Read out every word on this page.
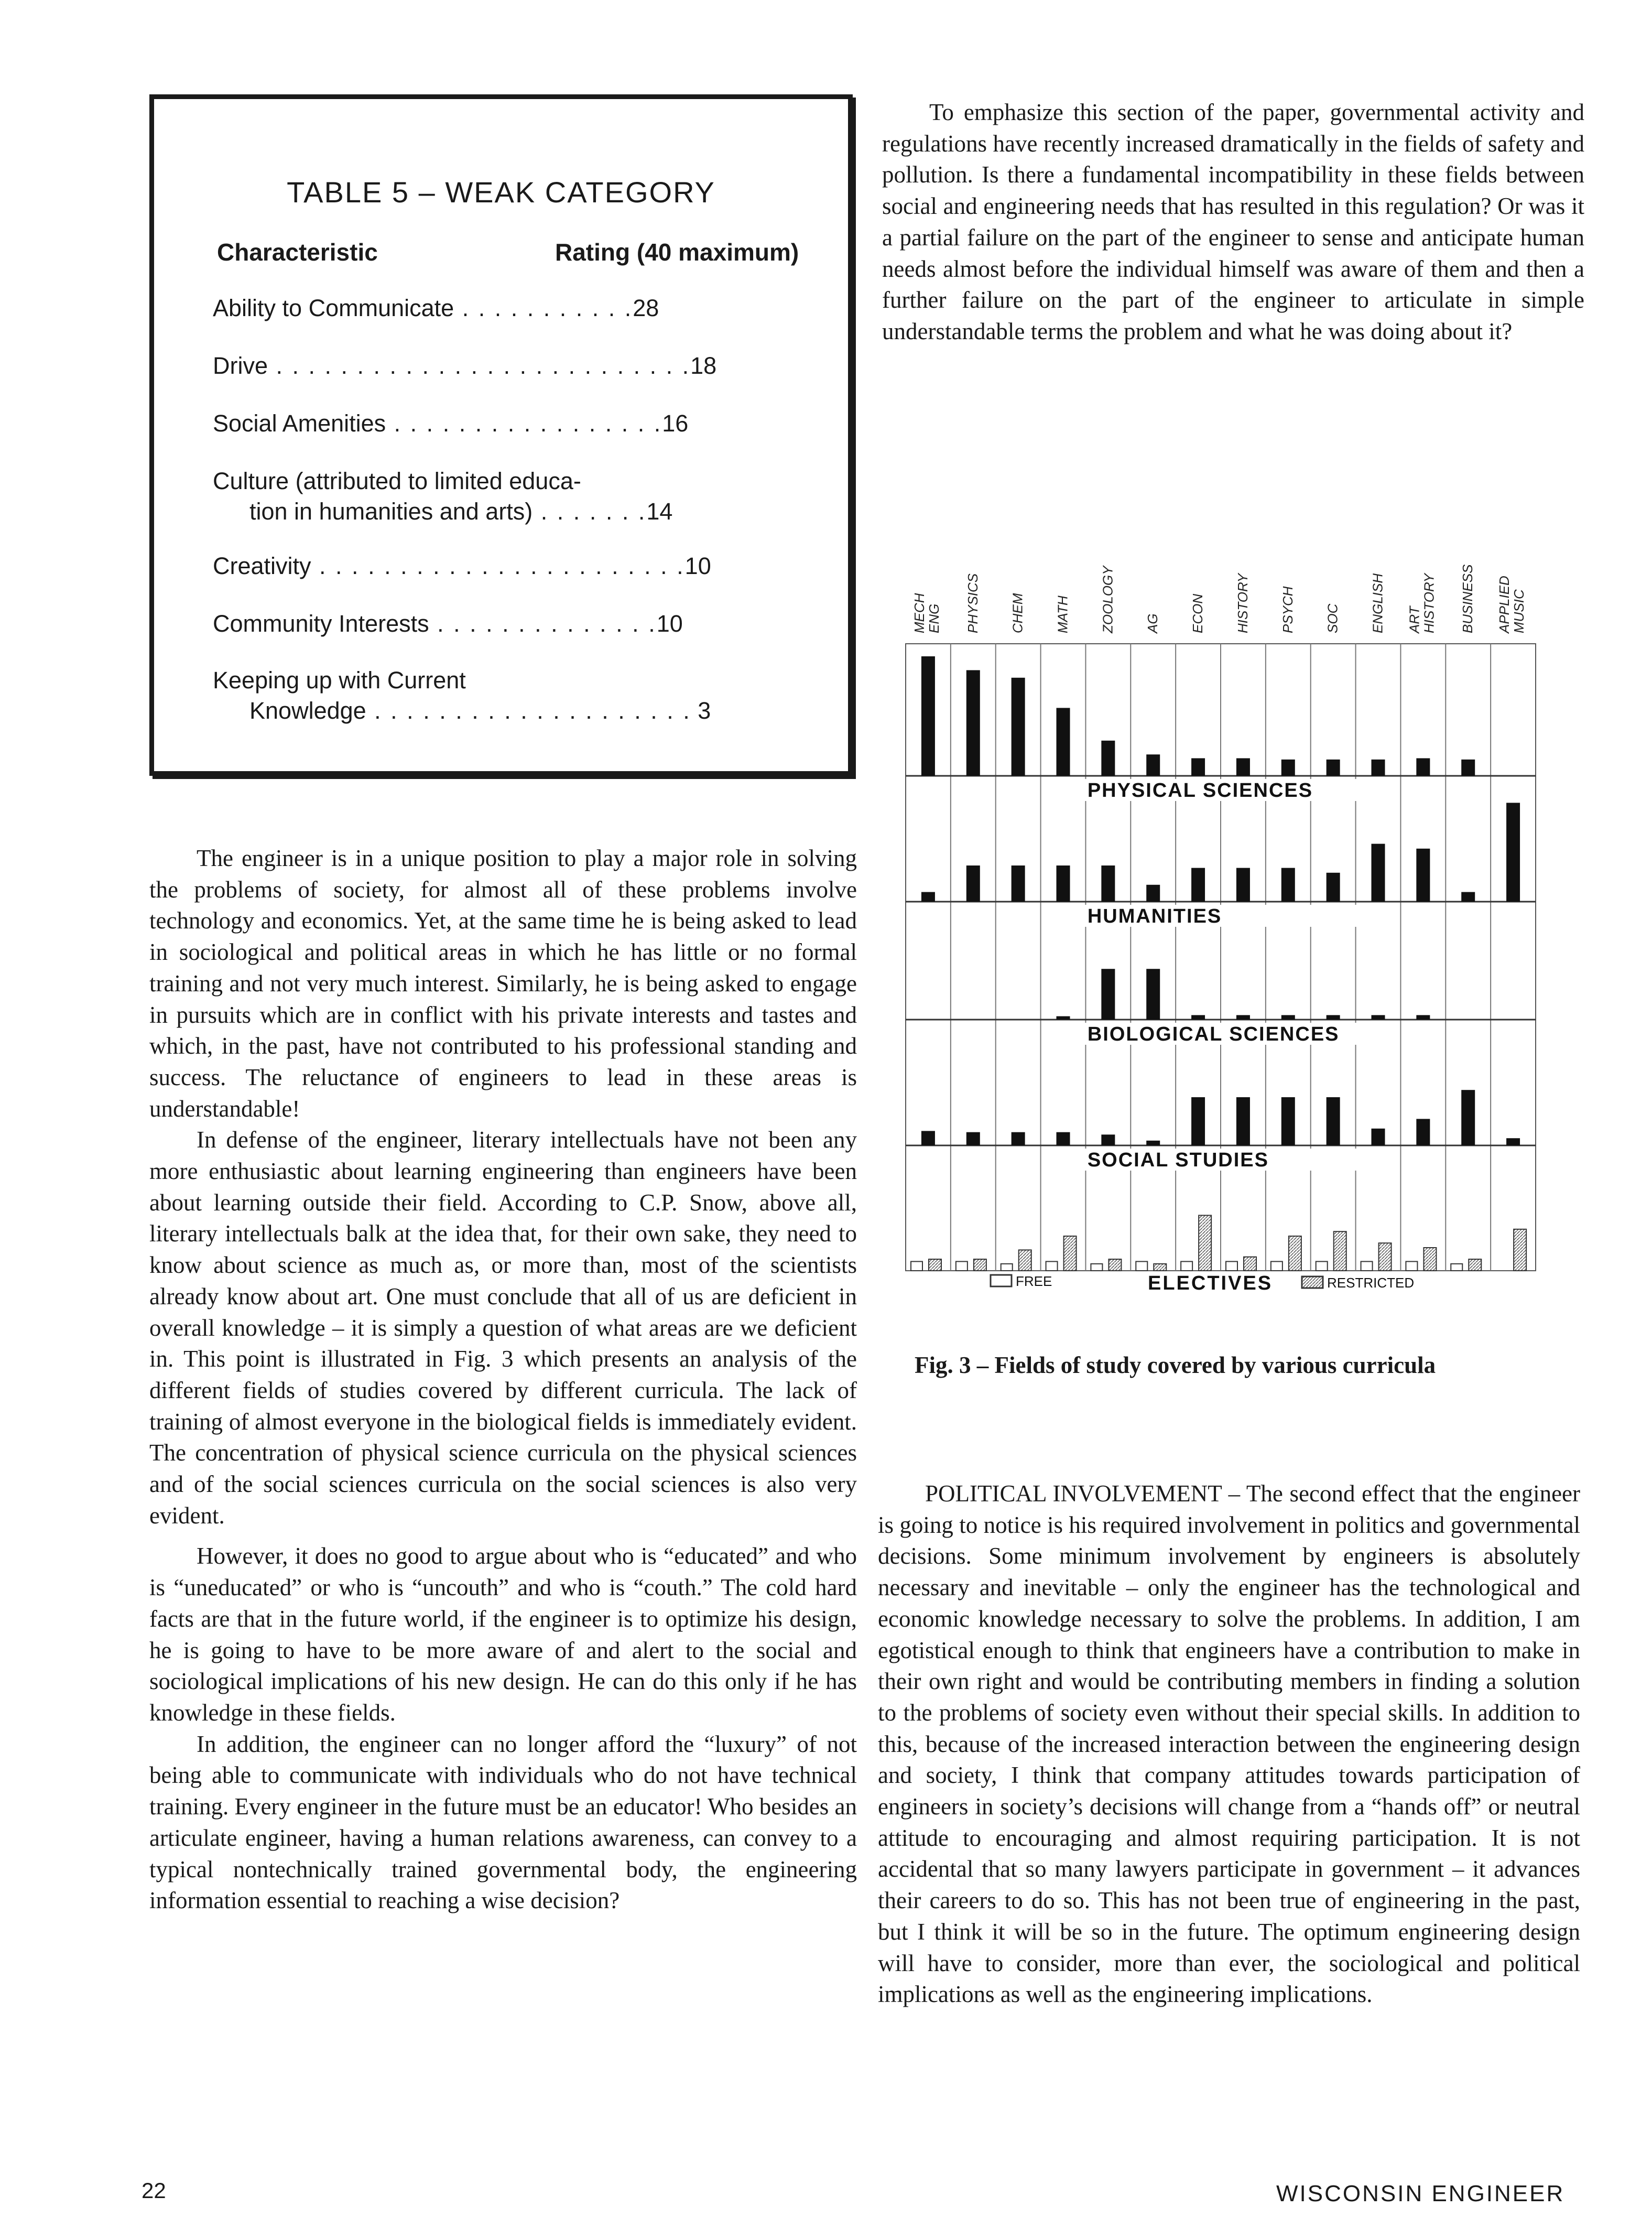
TABLE 5 – WEAK CATEGORY
Characteristic	Rating (40 maximum)
Ability to Communicate . . . . . . . . . . .28
Drive . . . . . . . . . . . . . . . . . . . . . . . . . .18
Social Amenities . . . . . . . . . . . . . . . . .16
Culture (attributed to limited educa-
tion in humanities and arts) . . . . . . .14
Creativity . . . . . . . . . . . . . . . . . . . . . . .10
Community Interests . . . . . . . . . . . . . .10
Keeping up with Current
Knowledge . . . . . . . . . . . . . . . . . . . . 3

To emphasize this section of the paper, governmental activity and regulations have recently increased dramatically in the fields of safety and pollution. Is there a fundamental incompatibility in these fields between social and engineering needs that has resulted in this regulation? Or was it a partial failure on the part of the engineer to sense and anticipate human needs almost before the individual himself was aware of them and then a further failure on the part of the engineer to articulate in simple understandable terms the problem and what he was doing about it?

The engineer is in a unique position to play a major role in solving the problems of society, for almost all of these problems involve technology and economics. Yet, at the same time he is being asked to lead in sociological and political areas in which he has little or no formal training and not very much interest. Similarly, he is being asked to engage in pursuits which are in conflict with his private interests and tastes and which, in the past, have not contributed to his professional standing and success. The reluctance of engineers to lead in these areas is understandable!

In defense of the engineer, literary intellectuals have not been any more enthusiastic about learning engineering than engineers have been about learning outside their field. According to C.P. Snow, above all, literary intellectuals balk at the idea that, for their own sake, they need to know about science as much as, or more than, most of the scientists already know about art. One must conclude that all of us are deficient in overall knowledge – it is simply a question of what areas are we deficient in. This point is illustrated in Fig. 3 which presents an analysis of the different fields of studies covered by different curricula. The lack of training of almost everyone in the biological fields is immediately evident. The concentration of physical science curricula on the physical sciences and of the social sciences curricula on the social sciences is also very evident.

However, it does no good to argue about who is “educated” and who is “uneducated” or who is “uncouth” and who is “couth.” The cold hard facts are that in the future world, if the engineer is to optimize his design, he is going to have to be more aware of and alert to the social and sociological implications of his new design. He can do this only if he has knowledge in these fields.

In addition, the engineer can no longer afford the “luxury” of not being able to communicate with individuals who do not have technical training. Every engineer in the future must be an educator! Who besides an articulate engineer, having a human relations awareness, can convey to a typical nontechnically trained governmental body, the engineering information essential to reaching a wise decision?

MECHENG PHYSICS CHEM MATH ZOOLOGY AG ECON HISTORY PSYCH SOC ENGLISH ARTHISTORY BUSINESS APPLIEDMUSIC
PHYSICAL SCIENCES
HUMANITIES
BIOLOGICAL SCIENCES
SOCIAL STUDIES
FREE	ELECTIVES	RESTRICTED
Fig. 3 – Fields of study covered by various curricula

POLITICAL INVOLVEMENT – The second effect that the engineer is going to notice is his required involvement in politics and governmental decisions. Some minimum involvement by engineers is absolutely necessary and inevitable – only the engineer has the technological and economic knowledge necessary to solve the problems. In addition, I am egotistical enough to think that engineers have a contribution to make in their own right and would be contributing members in finding a solution to the problems of society even without their special skills. In addition to this, because of the increased interaction between the engineering design and society, I think that company attitudes towards participation of engineers in society’s decisions will change from a “hands off” or neutral attitude to encouraging and almost requiring participation. It is not accidental that so many lawyers participate in government – it advances their careers to do so. This has not been true of engineering in the past, but I think it will be so in the future. The optimum engineering design will have to consider, more than ever, the sociological and political implications as well as the engineering implications.

22	WISCONSIN ENGINEER
